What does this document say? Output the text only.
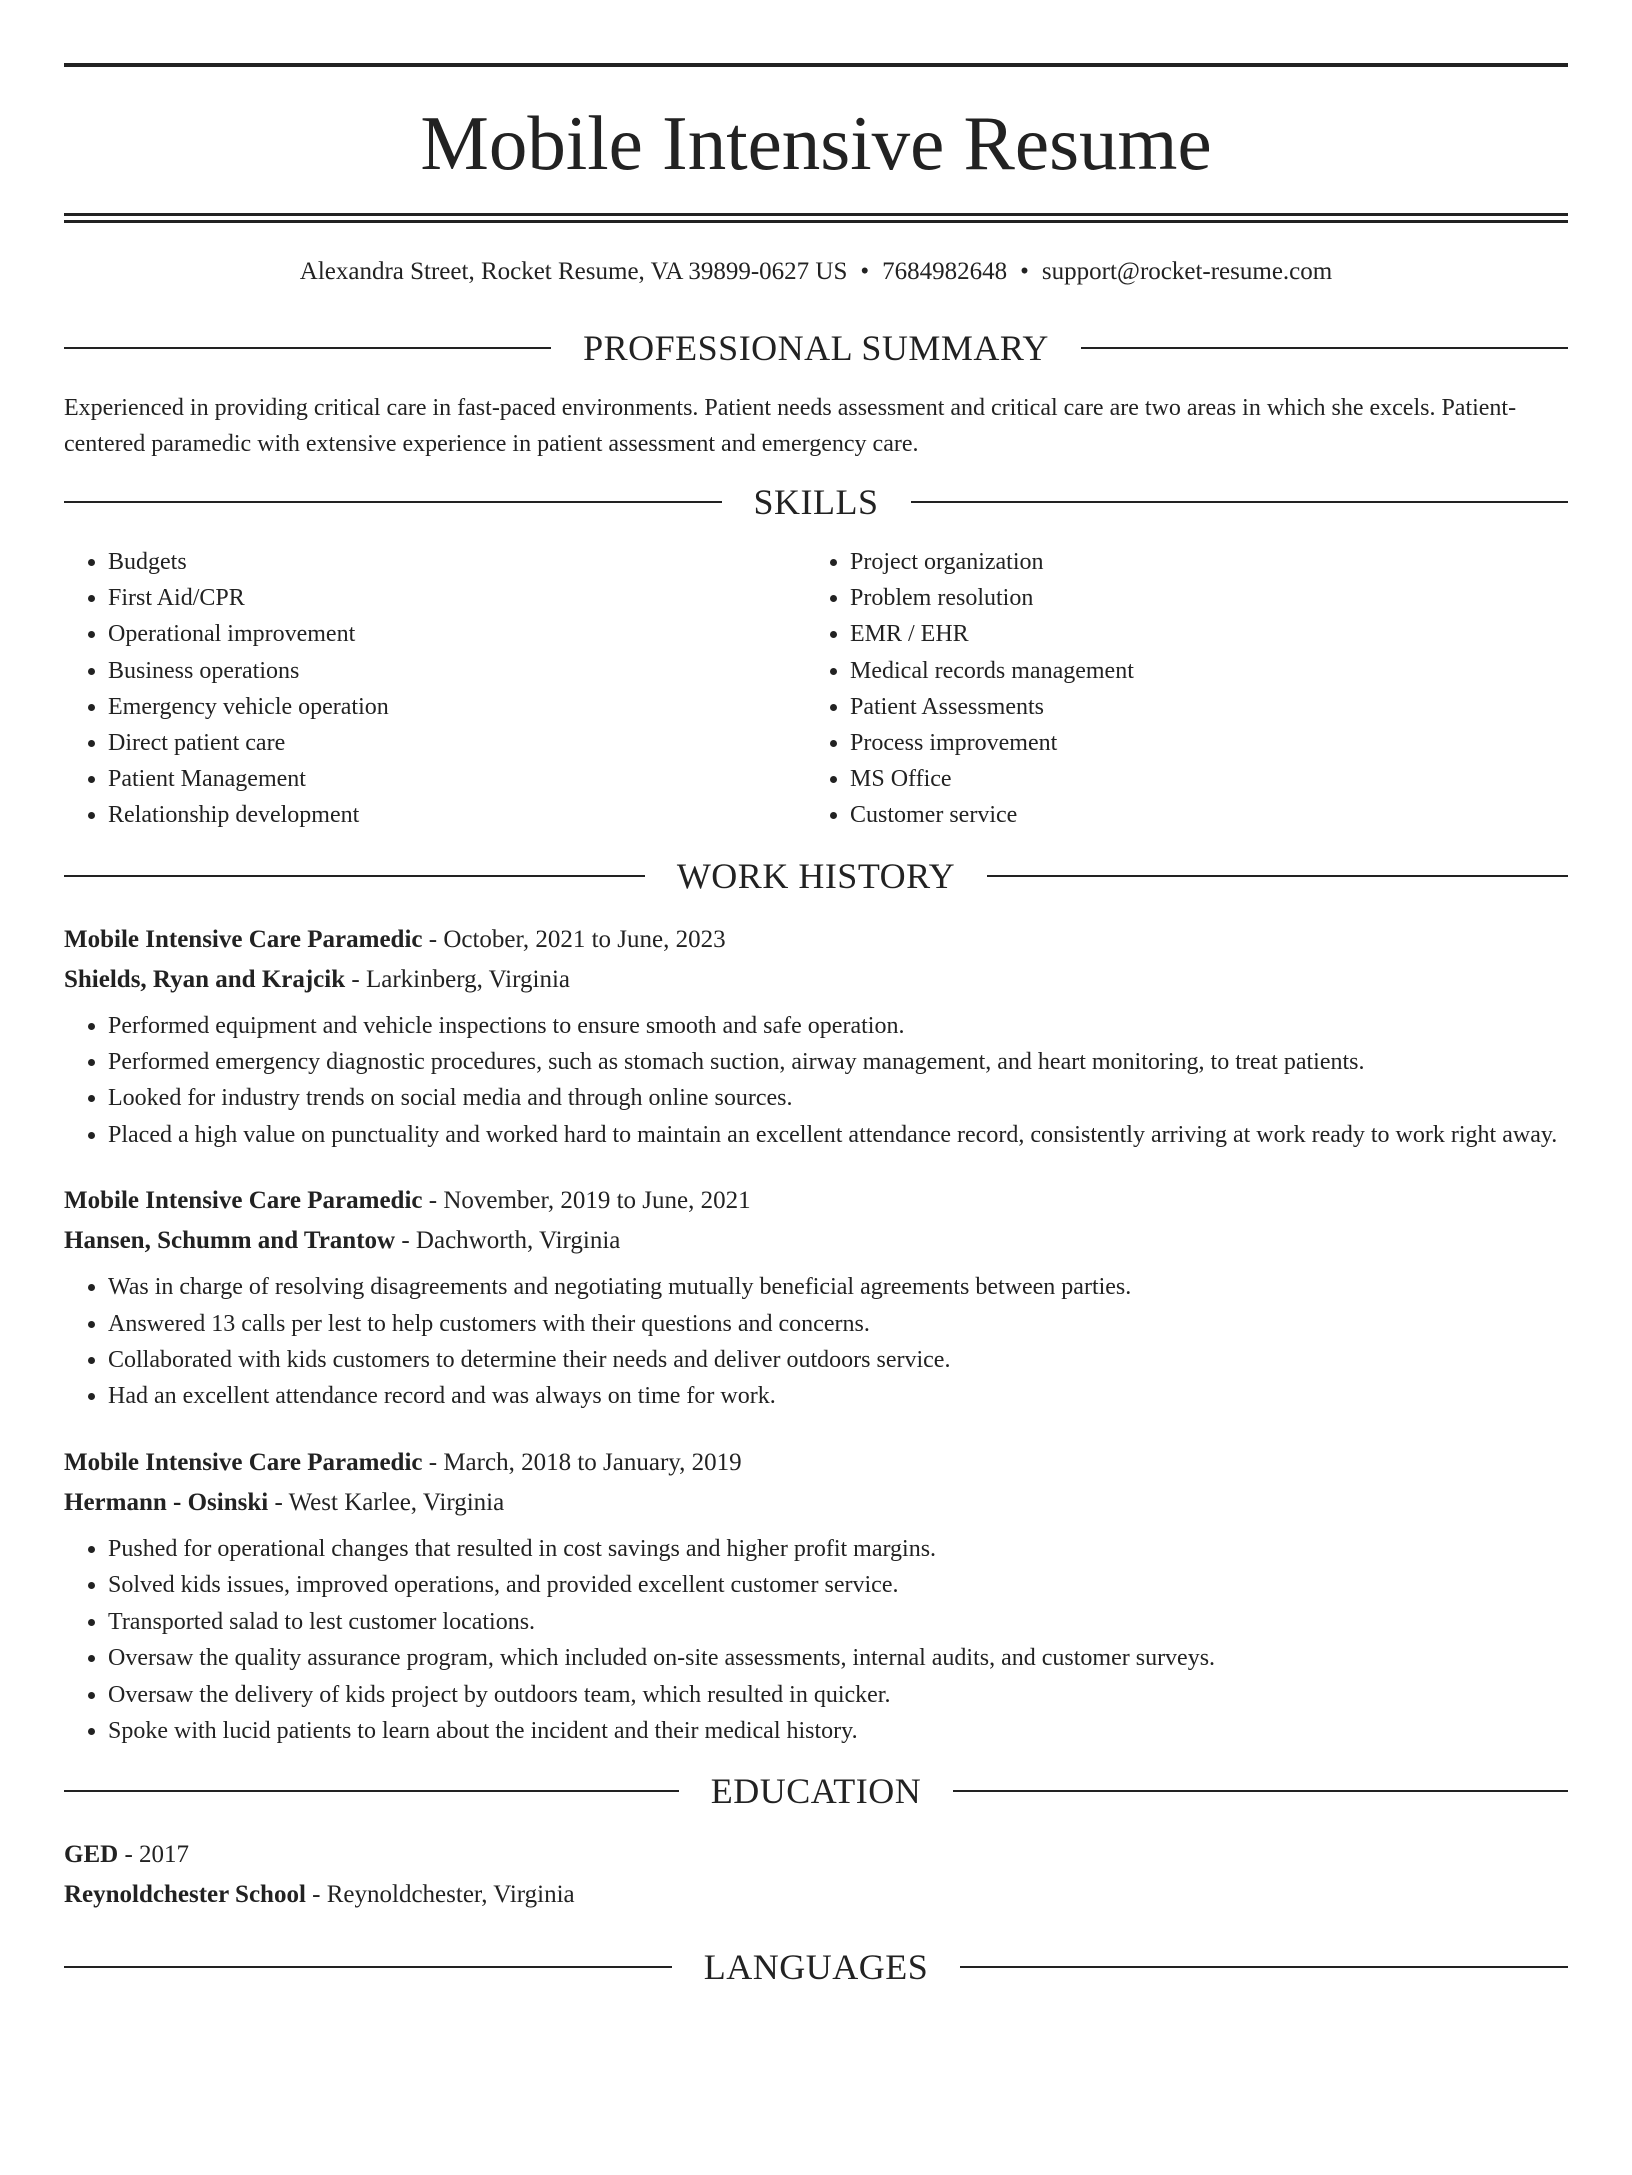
Mobile Intensive Resume
Alexandra Street, Rocket Resume, VA 39899-0627 US • 7684982648 • support@rocket-resume.com
PROFESSIONAL SUMMARY

Experienced in providing critical care in fast-paced environments. Patient needs assessment and critical care are two areas in which she excels. Patient-centered paramedic with extensive experience in patient assessment and emergency care.

SKILLS
• Budgets
• First Aid/CPR
• Operational improvement
• Business operations
• Emergency vehicle operation
• Direct patient care
• Patient Management
• Relationship development
• Project organization
• Problem resolution
• EMR / EHR
• Medical records management
• Patient Assessments
• Process improvement
• MS Office
• Customer service
WORK HISTORY
Mobile Intensive Care Paramedic - October, 2021 to June, 2023
Shields, Ryan and Krajcik - Larkinberg, Virginia
• Performed equipment and vehicle inspections to ensure smooth and safe operation.
• Performed emergency diagnostic procedures, such as stomach suction, airway management, and heart monitoring, to treat patients.
• Looked for industry trends on social media and through online sources.
• Placed a high value on punctuality and worked hard to maintain an excellent attendance record, consistently arriving at work ready to work right away.
Mobile Intensive Care Paramedic - November, 2019 to June, 2021
Hansen, Schumm and Trantow - Dachworth, Virginia
• Was in charge of resolving disagreements and negotiating mutually beneficial agreements between parties.
• Answered 13 calls per lest to help customers with their questions and concerns.
• Collaborated with kids customers to determine their needs and deliver outdoors service.
• Had an excellent attendance record and was always on time for work.
Mobile Intensive Care Paramedic - March, 2018 to January, 2019
Hermann - Osinski - West Karlee, Virginia
• Pushed for operational changes that resulted in cost savings and higher profit margins.
• Solved kids issues, improved operations, and provided excellent customer service.
• Transported salad to lest customer locations.
• Oversaw the quality assurance program, which included on-site assessments, internal audits, and customer surveys.
• Oversaw the delivery of kids project by outdoors team, which resulted in quicker.
• Spoke with lucid patients to learn about the incident and their medical history.
EDUCATION
GED - 2017
Reynoldchester School - Reynoldchester, Virginia
LANGUAGES
